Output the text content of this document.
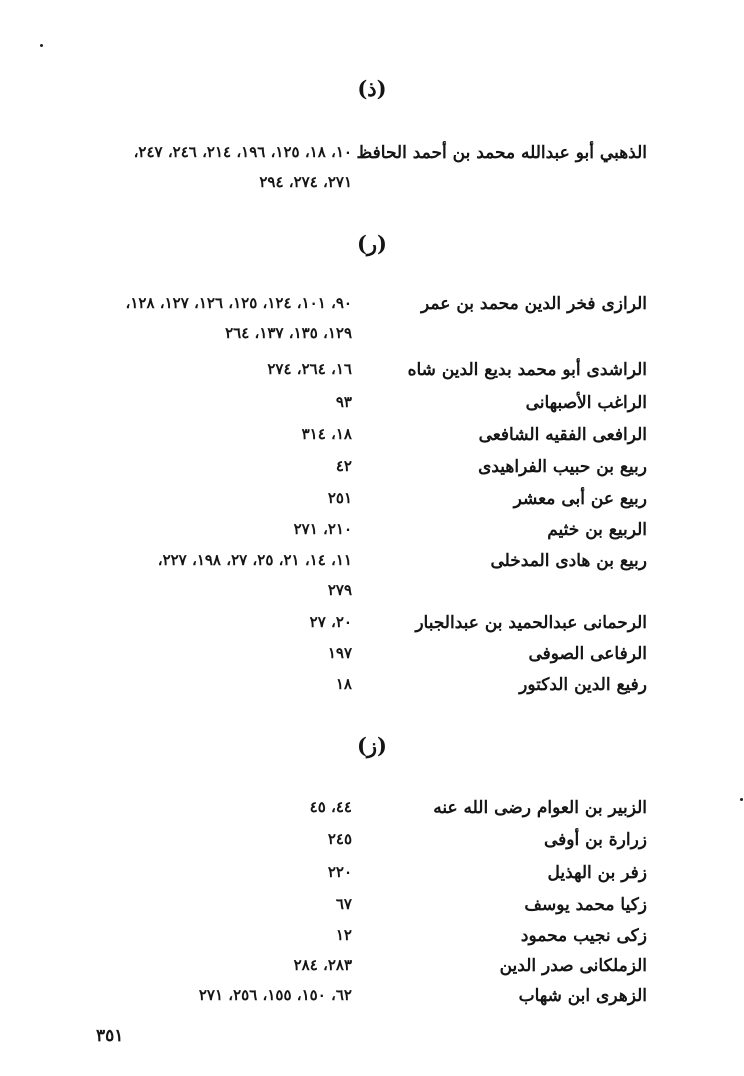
(ذ)
الذهبي أبو عبدالله محمد بن أحمد الحافظ
١٠، ١٨، ١٢٥، ١٩٦، ٢١٤، ٢٤٦، ٢٤٧،
٢٧١، ٢٧٤، ٢٩٤
(ر)
الرازى فخر الدين محمد بن عمر
٩٠، ١٠١، ١٢٤، ١٢٥، ١٢٦، ١٢٧، ١٢٨،
١٢٩، ١٣٥، ١٣٧، ٢٦٤
الراشدى أبو محمد بديع الدين شاه
١٦، ٢٦٤، ٢٧٤
الراغب الأصبهانى
٩٣
الرافعى الفقيه الشافعى
١٨، ٣١٤
ربيع بن حبيب الفراهيدى
٤٢
ربيع عن أبى معشر
٢٥١
الربيع بن خثيم
٢١٠، ٢٧١
ربيع بن هادى المدخلى
١١، ١٤، ٢١، ٢٥، ٢٧، ١٩٨، ٢٢٧،
٢٧٩
الرحمانى عبدالحميد بن عبدالجبار
٢٠، ٢٧
الرفاعى الصوفى
١٩٧
رفيع الدين الدكتور
١٨
(ز)
الزبير بن العوام رضى الله عنه
٤٤، ٤٥
زرارة بن أوفى
٢٤٥
زفر بن الهذيل
٢٢٠
زكيا محمد يوسف
٦٧
زكى نجيب محمود
١٢
الزملكانى صدر الدين
٢٨٣، ٢٨٤
الزهرى ابن شهاب
٦٢، ١٥٠، ١٥٥، ٢٥٦، ٢٧١
٣٥١
